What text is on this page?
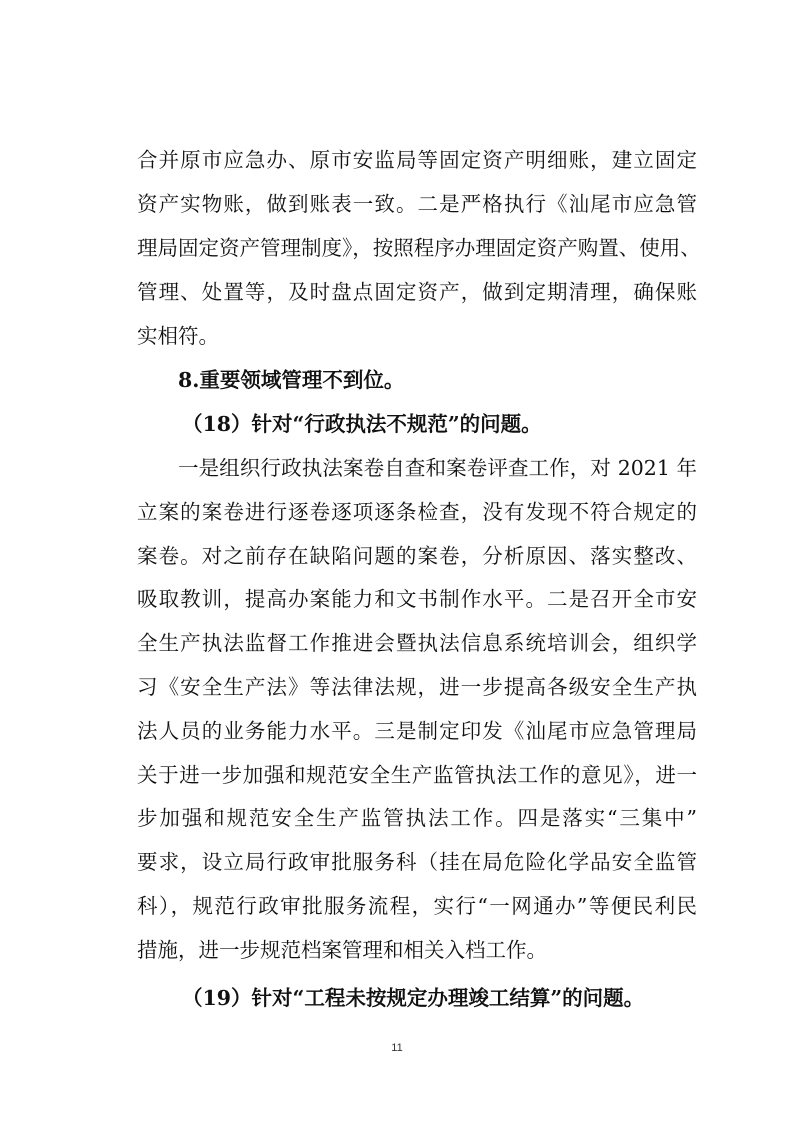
合并原市应急办、原市安监局等固定资产明细账，建立固定
资产实物账，做到账表一致。二是严格执行《汕尾市应急管
理局固定资产管理制度》，按照程序办理固定资产购置、使用、
管理、处置等，及时盘点固定资产，做到定期清理，确保账
实相符。
8.重要领域管理不到位。
（18）针对“行政执法不规范”的问题。
一是组织行政执法案卷自查和案卷评查工作，对 2021 年
立案的案卷进行逐卷逐项逐条检查，没有发现不符合规定的
案卷。对之前存在缺陷问题的案卷，分析原因、落实整改、
吸取教训，提高办案能力和文书制作水平。二是召开全市安
全生产执法监督工作推进会暨执法信息系统培训会，组织学
习《安全生产法》等法律法规，进一步提高各级安全生产执
法人员的业务能力水平。三是制定印发《汕尾市应急管理局
关于进一步加强和规范安全生产监管执法工作的意见》，进一
步加强和规范安全生产监管执法工作。四是落实“三集中”
要求，设立局行政审批服务科（挂在局危险化学品安全监管
科），规范行政审批服务流程，实行“一网通办”等便民利民
措施，进一步规范档案管理和相关入档工作。
11
（19）针对“工程未按规定办理竣工结算”的问题。
